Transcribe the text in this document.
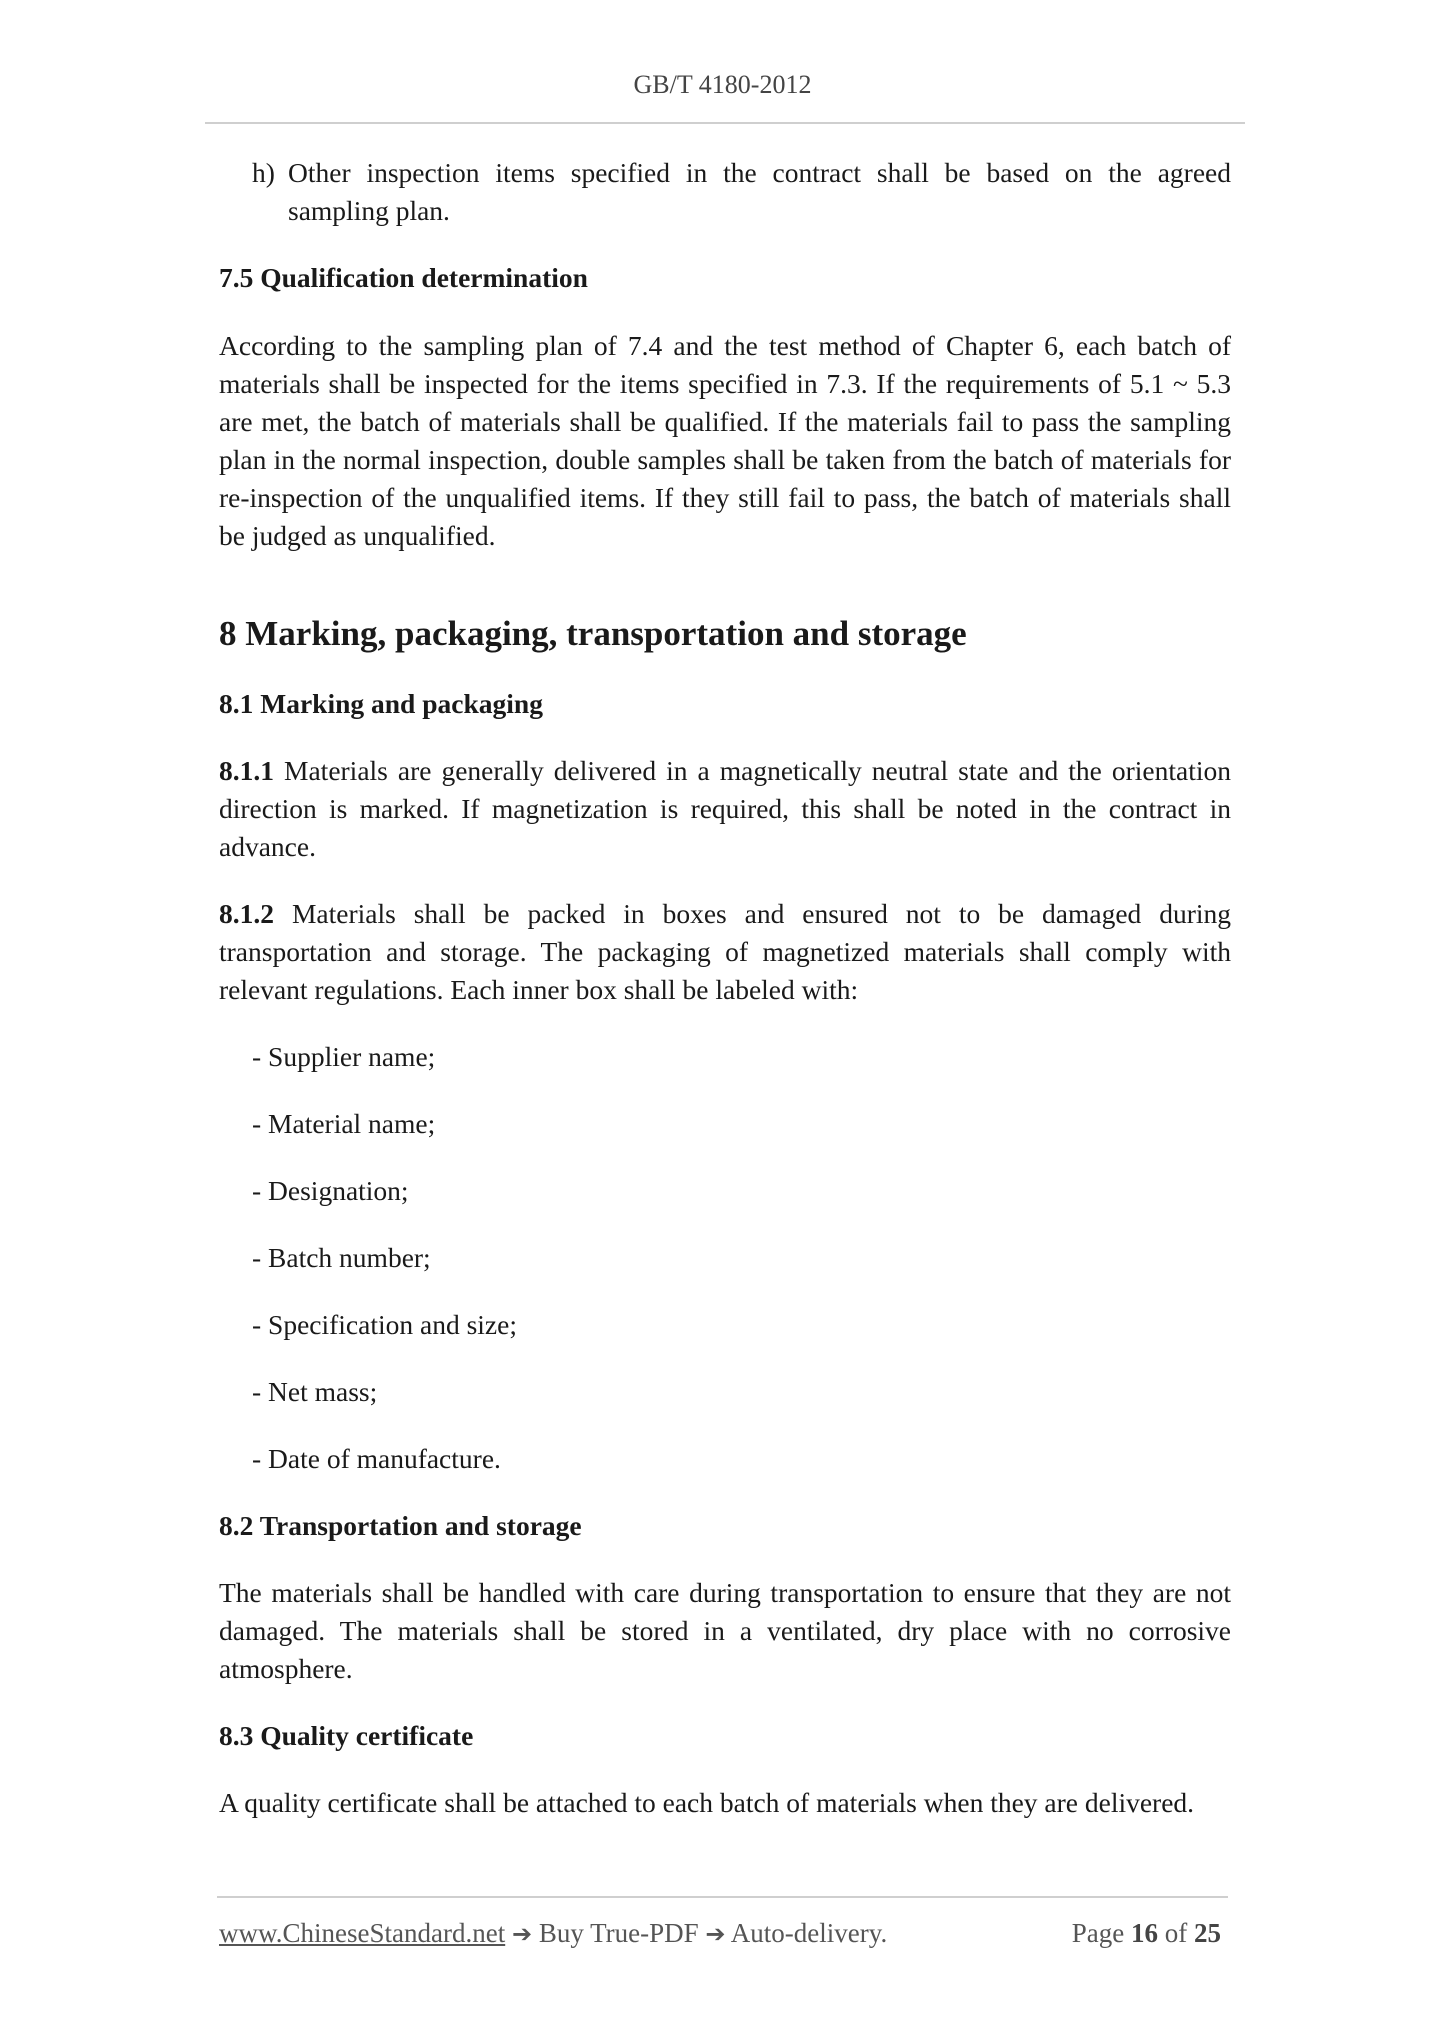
GB/T 4180-2012

h) Other inspection items specified in the contract shall be based on the agreed sampling plan.

7.5 Qualification determination

According to the sampling plan of 7.4 and the test method of Chapter 6, each batch of materials shall be inspected for the items specified in 7.3. If the requirements of 5.1 ~ 5.3 are met, the batch of materials shall be qualified. If the materials fail to pass the sampling plan in the normal inspection, double samples shall be taken from the batch of materials for re-inspection of the unqualified items. If they still fail to pass, the batch of materials shall be judged as unqualified.

8 Marking, packaging, transportation and storage

8.1 Marking and packaging

8.1.1 Materials are generally delivered in a magnetically neutral state and the orientation direction is marked. If magnetization is required, this shall be noted in the contract in advance.

8.1.2 Materials shall be packed in boxes and ensured not to be damaged during transportation and storage. The packaging of magnetized materials shall comply with relevant regulations. Each inner box shall be labeled with:

- Supplier name;

- Material name;

- Designation;

- Batch number;

- Specification and size;

- Net mass;

- Date of manufacture.

8.2 Transportation and storage

The materials shall be handled with care during transportation to ensure that they are not damaged. The materials shall be stored in a ventilated, dry place with no corrosive atmosphere.

8.3 Quality certificate

A quality certificate shall be attached to each batch of materials when they are delivered.

www.ChineseStandard.net ➔ Buy True-PDF ➔ Auto-delivery.	Page 16 of 25
